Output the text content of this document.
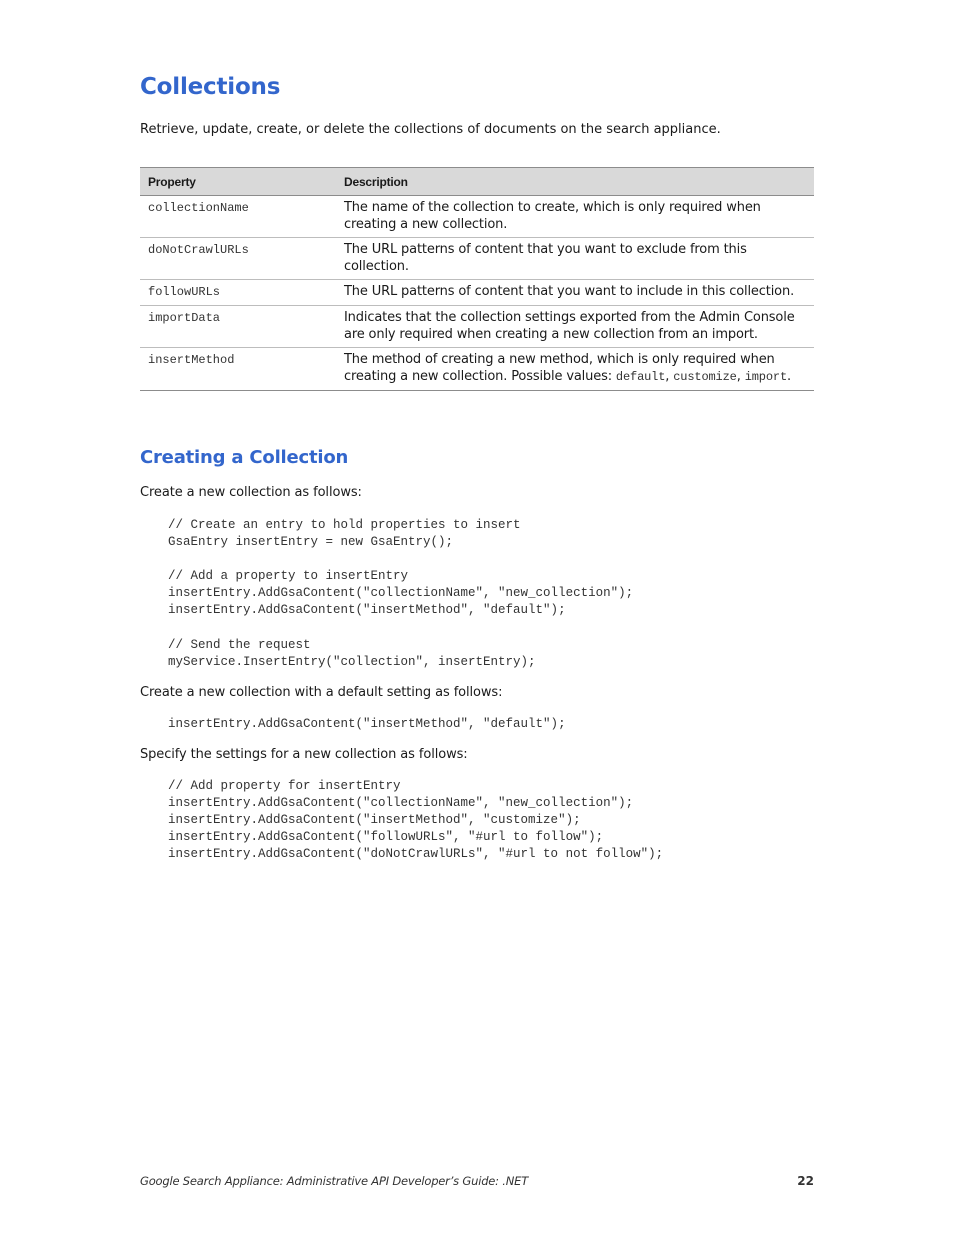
Collections

Retrieve, update, create, or delete the collections of documents on the search appliance.

Property	Description
collectionName	The name of the collection to create, which is only required when creating a new collection.
doNotCrawlURLs	The URL patterns of content that you want to exclude from this collection.
followURLs	The URL patterns of content that you want to include in this collection.
importData	Indicates that the collection settings exported from the Admin Console are only required when creating a new collection from an import.
insertMethod	The method of creating a new method, which is only required when creating a new collection. Possible values: default, customize, import.
Creating a Collection

Create a new collection as follows:

// Create an entry to hold properties to insert
GsaEntry insertEntry = new GsaEntry();

// Add a property to insertEntry
insertEntry.AddGsaContent("collectionName", "new_collection");
insertEntry.AddGsaContent("insertMethod", "default");

// Send the request
myService.InsertEntry("collection", insertEntry);

Create a new collection with a default setting as follows:

insertEntry.AddGsaContent("insertMethod", "default");

Specify the settings for a new collection as follows:

// Add property for insertEntry
insertEntry.AddGsaContent("collectionName", "new_collection");
insertEntry.AddGsaContent("insertMethod", "customize");
insertEntry.AddGsaContent("followURLs", "#url to follow");
insertEntry.AddGsaContent("doNotCrawlURLs", "#url to not follow");
Google Search Appliance: Administrative API Developer’s Guide: .NET	22
